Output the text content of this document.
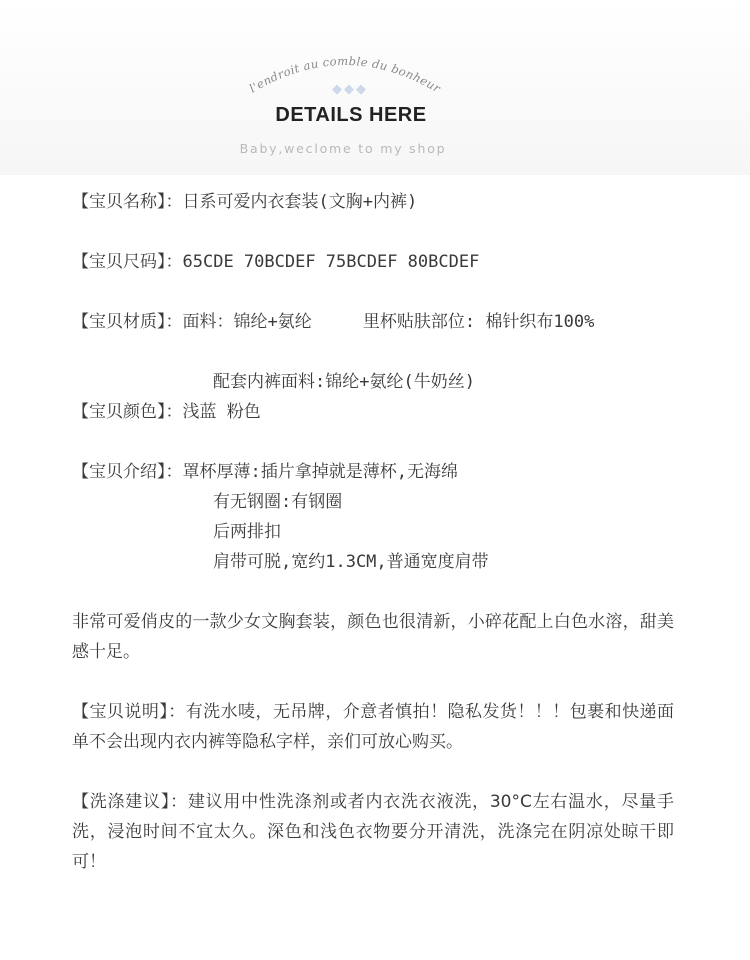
l'endroit au comble du bonheur
◆◆◆
DETAILS HERE
Baby,weclome to my shop
【宝贝名称】：日系可爱内衣套装(文胸+内裤)
【宝贝尺码】：65CDE 70BCDEF 75BCDEF 80BCDEF
【宝贝材质】：面料：锦纶+氨纶     里杯贴肤部位: 棉针织布100%
配套内裤面料:锦纶+氨纶(牛奶丝)
【宝贝颜色】：浅蓝 粉色
【宝贝介绍】：罩杯厚薄:插片拿掉就是薄杯,无海绵
有无钢圈:有钢圈
后两排扣
肩带可脱,宽约1.3CM,普通宽度肩带
非常可爱俏皮的一款少女文胸套装，颜色也很清新，小碎花配上白色水溶，甜美感十足。
【宝贝说明】：有洗水唛，无吊牌，介意者慎拍！隐私发货！！！包裹和快递面单不会出现内衣内裤等隐私字样，亲们可放心购买。
【洗涤建议】：建议用中性洗涤剂或者内衣洗衣液洗，30°C左右温水，尽量手洗，浸泡时间不宜太久。深色和浅色衣物要分开清洗，洗涤完在阴凉处晾干即可！
